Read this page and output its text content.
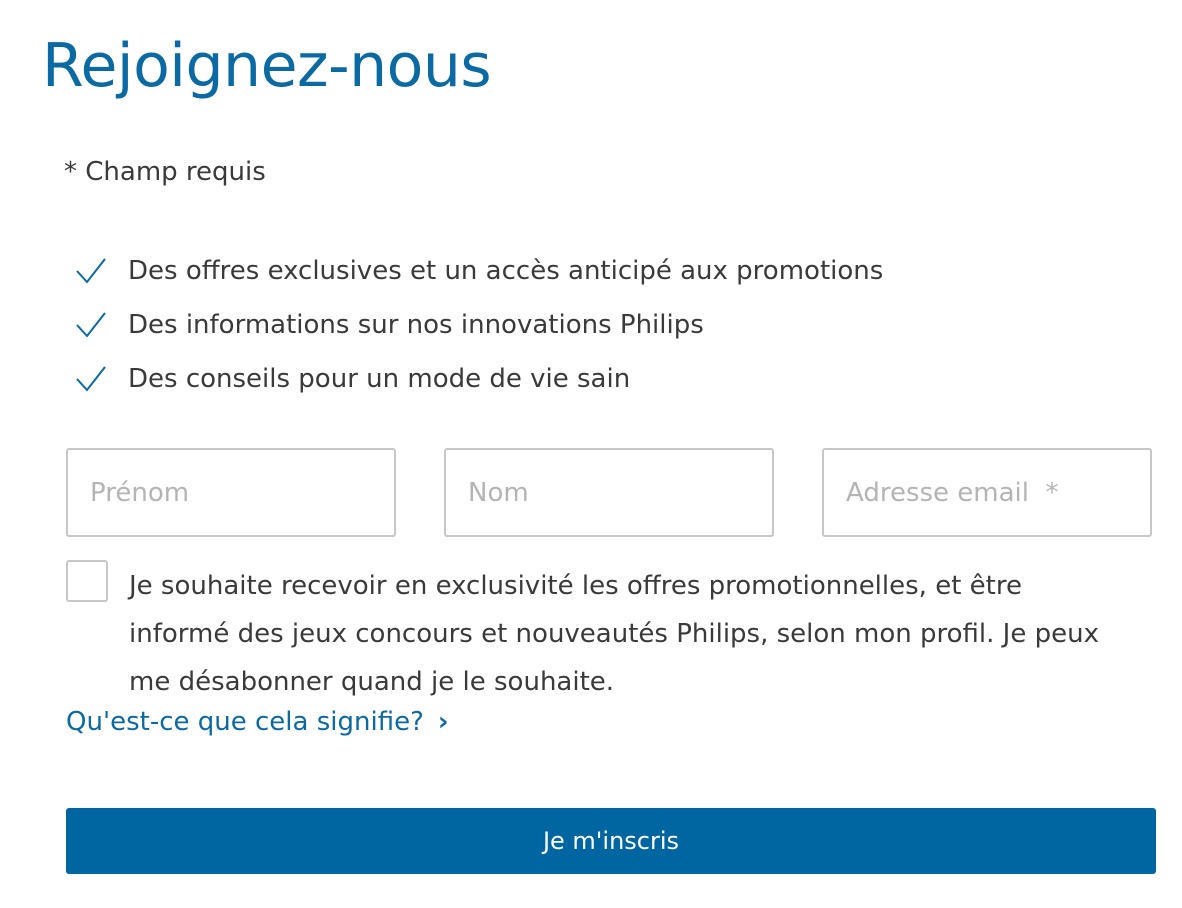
Rejoignez-nous
* Champ requis
Des offres exclusives et un accès anticipé aux promotions
Des informations sur nos innovations Philips
Des conseils pour un mode de vie sain
Prénom
Nom
Adresse email *
Je souhaite recevoir en exclusivité les offres promotionnelles, et être informé des jeux concours et nouveautés Philips, selon mon profil. Je peux me désabonner quand je le souhaite.
Qu'est-ce que cela signifie? ›
Je m'inscris
